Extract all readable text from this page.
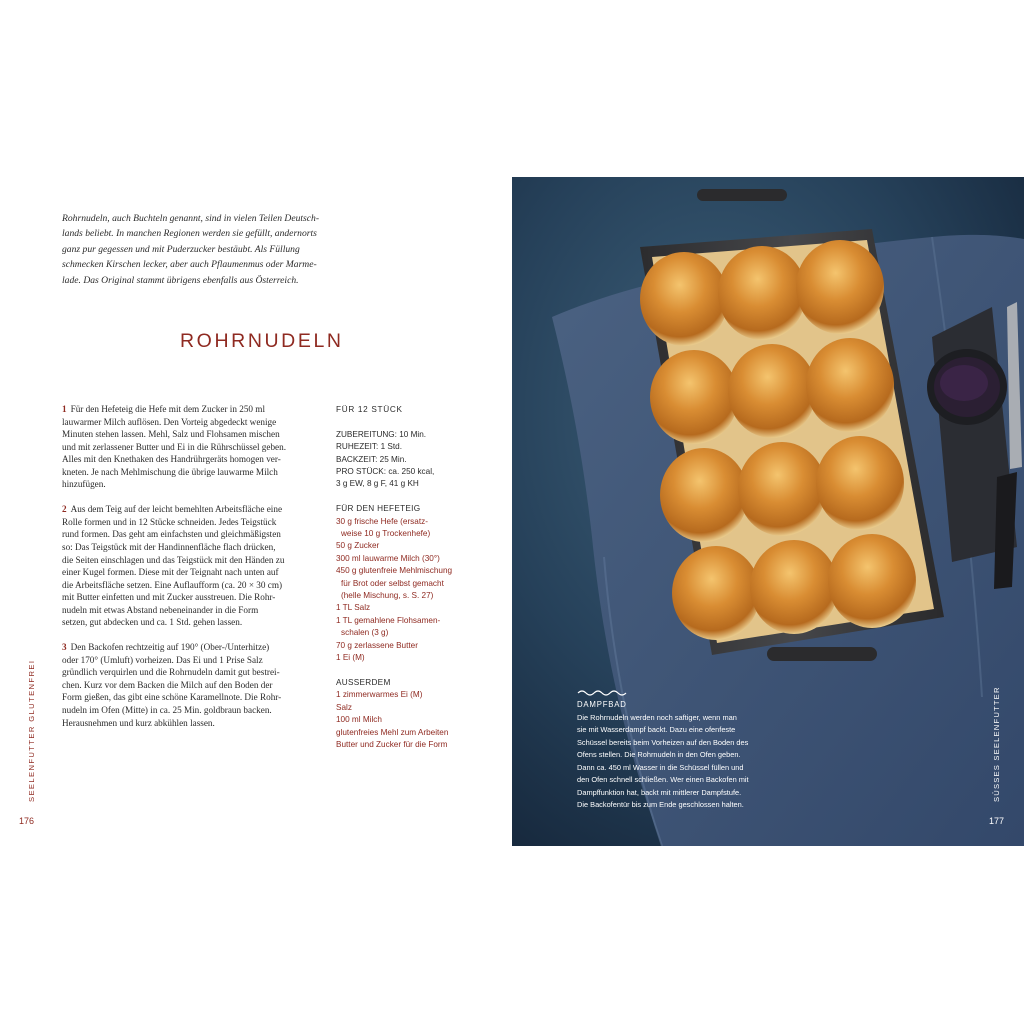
Rohrnudeln, auch Buchteln genannt, sind in vielen Teilen Deutsch-

lands beliebt. In manchen Regionen werden sie gefüllt, andernorts

ganz pur gegessen und mit Puderzucker bestäubt. Als Füllung

schmecken Kirschen lecker, aber auch Pflaumenmus oder Marme-

lade. Das Original stammt übrigens ebenfalls aus Österreich.

ROHRNUDELN
1 Für den Hefeteig die Hefe mit dem Zucker in 250 ml
lauwarmer Milch auflösen. Den Vorteig abgedeckt wenige
Minuten stehen lassen. Mehl, Salz und Flohsamen mischen
und mit zerlassener Butter und Ei in die Rührschüssel geben.
Alles mit den Knethaken des Handrührgeräts homogen ver-
kneten. Je nach Mehlmischung die übrige lauwarme Milch
hinzufügen.
2 Aus dem Teig auf der leicht bemehlten Arbeitsfläche eine
Rolle formen und in 12 Stücke schneiden. Jedes Teigstück
rund formen. Das geht am einfachsten und gleichmäßigsten
so: Das Teigstück mit der Handinnenfläche flach drücken,
die Seiten einschlagen und das Teigstück mit den Händen zu
einer Kugel formen. Diese mit der Teignaht nach unten auf
die Arbeitsfläche setzen. Eine Auflaufform (ca. 20 × 30 cm)
mit Butter einfetten und mit Zucker ausstreuen. Die Rohr-
nudeln mit etwas Abstand nebeneinander in die Form
setzen, gut abdecken und ca. 1 Std. gehen lassen.
3 Den Backofen rechtzeitig auf 190° (Ober-/Unterhitze)
oder 170° (Umluft) vorheizen. Das Ei und 1 Prise Salz
gründlich verquirlen und die Rohrnudeln damit gut bestrei-
chen. Kurz vor dem Backen die Milch auf den Boden der
Form gießen, das gibt eine schöne Karamellnote. Die Rohr-
nudeln im Ofen (Mitte) in ca. 25 Min. goldbraun backen.
Herausnehmen und kurz abkühlen lassen.
FÜR 12 STÜCK
ZUBEREITUNG: 10 Min.
RUHEZEIT: 1 Std.
BACKZEIT: 25 Min.
PRO STÜCK: ca. 250 kcal,
3 g EW, 8 g F, 41 g KH
FÜR DEN HEFETEIG
30 g frische Hefe (ersatz-
weise 10 g Trockenhefe)
50 g Zucker
300 ml lauwarme Milch (30°)
450 g glutenfreie Mehlmischung
für Brot oder selbst gemacht
(helle Mischung, s. S. 27)
1 TL Salz
1 TL gemahlene Flohsamen-
schalen (3 g)
70 g zerlassene Butter
1 Ei (M)
AUSSERDEM
1 zimmerwarmes Ei (M)
Salz
100 ml Milch
glutenfreies Mehl zum Arbeiten
Butter und Zucker für die Form
SEELENFUTTER GLUTENFREI
176
DAMPFBAD
Die Rohrnudeln werden noch saftiger, wenn man
sie mit Wasserdampf backt. Dazu eine ofenfeste
Schüssel bereits beim Vorheizen auf den Boden des
Ofens stellen. Die Rohrnudeln in den Ofen geben.
Dann ca. 450 ml Wasser in die Schüssel füllen und
den Ofen schnell schließen. Wer einen Backofen mit
Dampffunktion hat, backt mit mittlerer Dampfstufe.
Die Backofentür bis zum Ende geschlossen halten.
SÜSSES SEELENFUTTER
177
